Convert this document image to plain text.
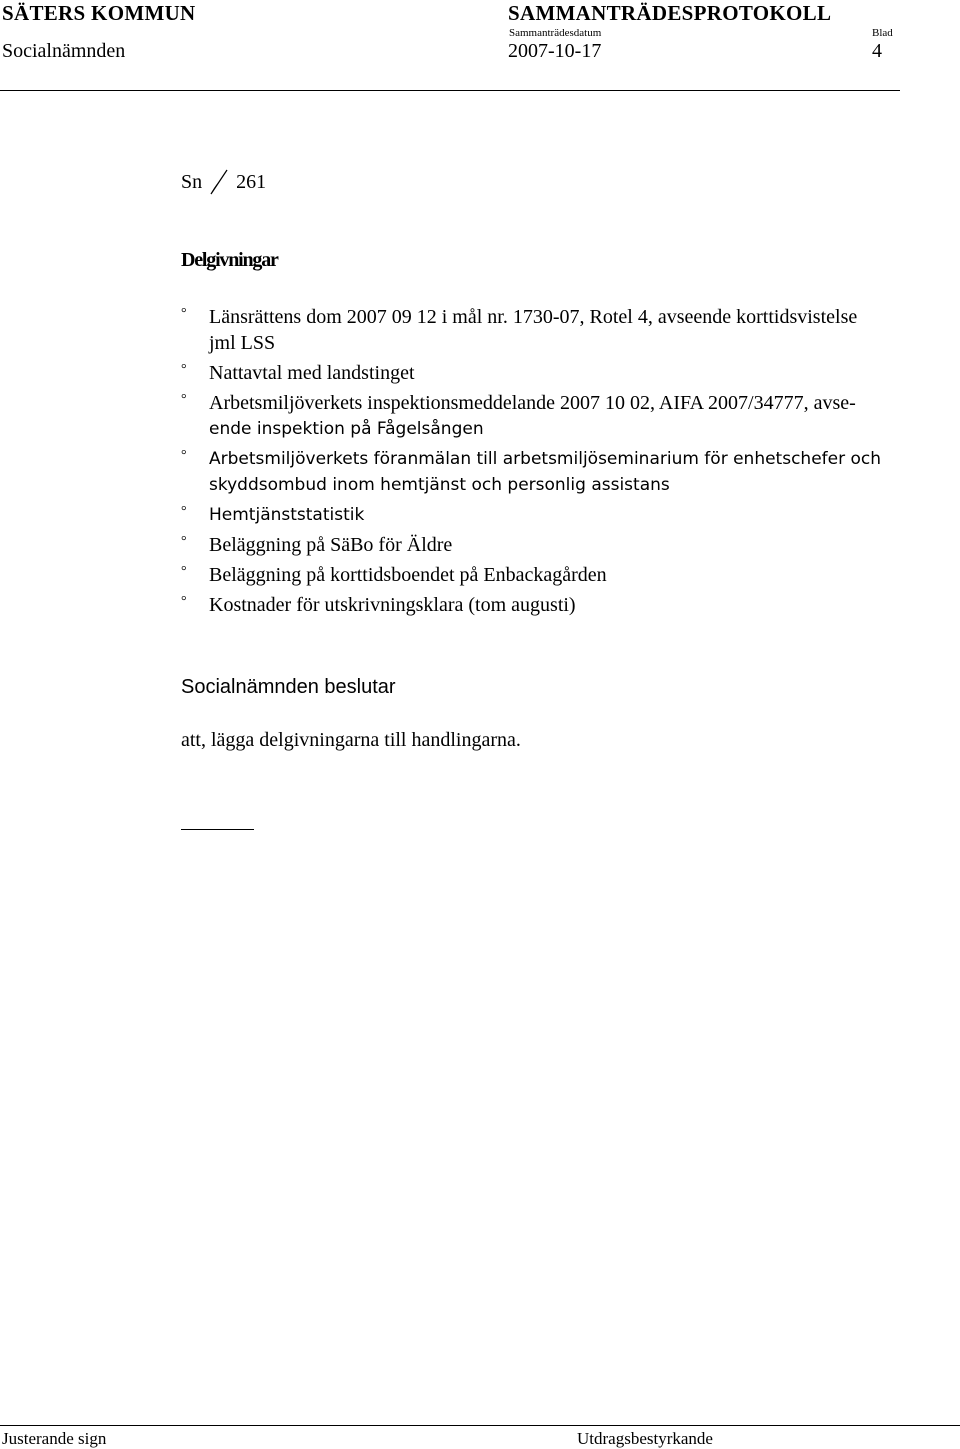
SÄTERS KOMMUN	SAMMANTRÄDESPROTOKOLL
Sammanträdesdatum	Blad
Socialnämnden	2007-10-17	4
Sn 261
Delgivningar
°	Länsrättens dom 2007 09 12 i mål nr. 1730-07, Rotel 4, avseende korttidsvistelse
jml LSS
°	Nattavtal med landstinget
°	Arbetsmiljöverkets inspektionsmeddelande 2007 10 02, AIFA 2007/34777, avse-
ende inspektion på Fågelsången
°	Arbetsmiljöverkets föranmälan till arbetsmiljöseminarium för enhetschefer och
skyddsombud inom hemtjänst och personlig assistans
°	Hemtjänststatistik
°	Beläggning på SäBo för Äldre
°	Beläggning på korttidsboendet på Enbackagården
°	Kostnader för utskrivningsklara (tom augusti)
Socialnämnden beslutar
att, lägga delgivningarna till handlingarna.
Justerande sign	Utdragsbestyrkande
